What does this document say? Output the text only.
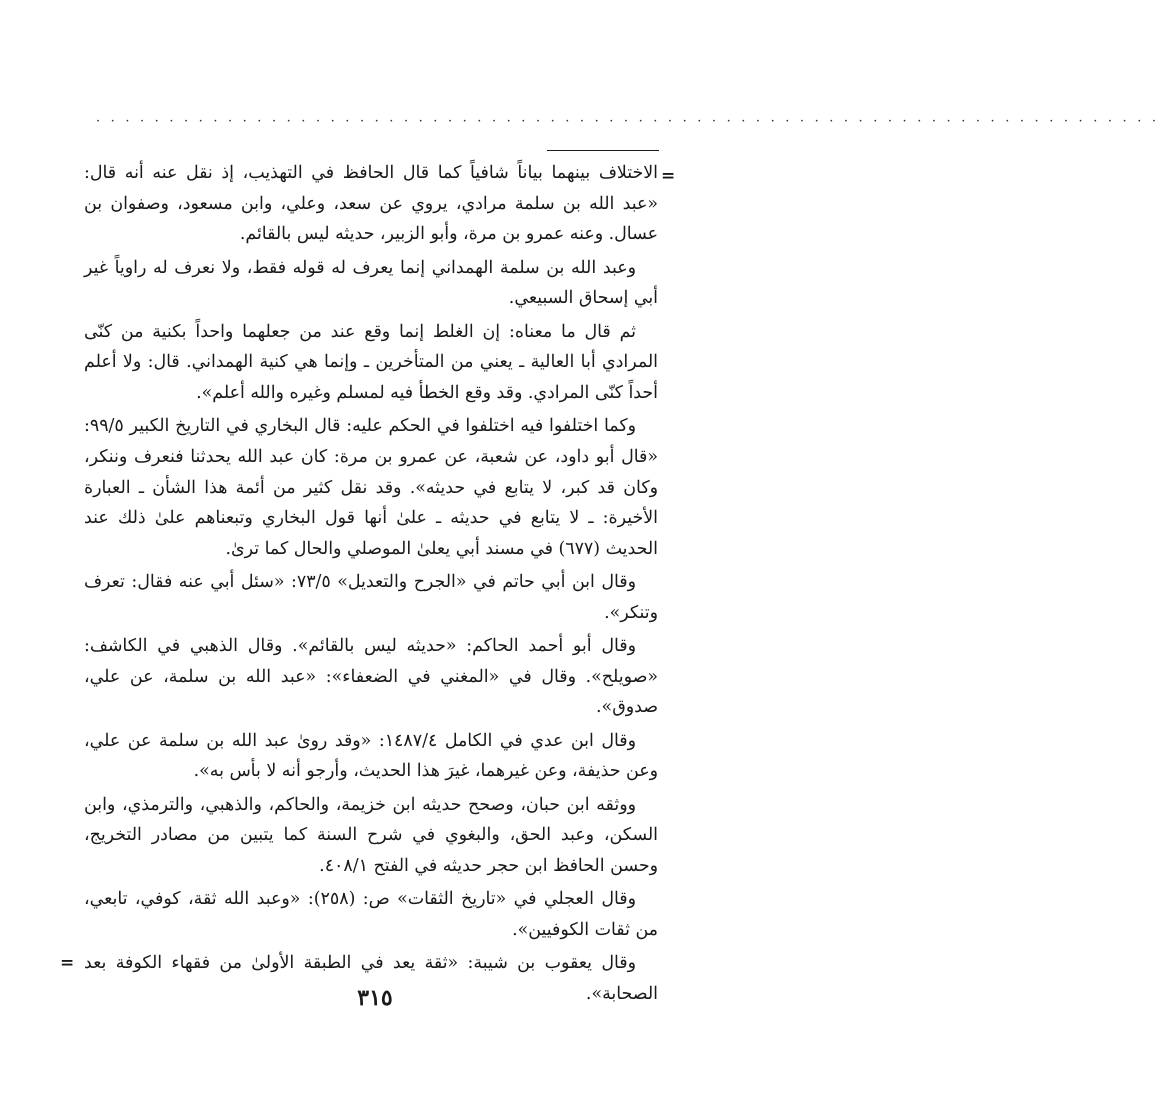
· · · · · · · · · · · · · · · · · · · · · · · · · · · · · · · · · · · · · · · · · · · · · · · · · · · · · · · · · · · · · · · · · · · · · · · · ·
=

الاختلاف بينهما بياناً شافياً كما قال الحافظ في التهذيب، إذ نقل عنه أنه قال: «عبد الله بن سلمة مرادي، يروي عن سعد، وعلي، وابن مسعود، وصفوان بن عسال. وعنه عمرو بن مرة، وأبو الزبير، حديثه ليس بالقائم.

وعبد الله بن سلمة الهمداني إنما يعرف له قوله فقط، ولا نعرف له راوياً غير أبي إسحاق السبيعي.

ثم قال ما معناه: إن الغلط إنما وقع عند من جعلهما واحداً بكنية من كنّى المرادي أبا العالية ـ يعني من المتأخرين ـ وإنما هي كنية الهمداني. قال: ولا أعلم أحداً كنّى المرادي. وقد وقع الخطأ فيه لمسلم وغيره والله أعلم».

وكما اختلفوا فيه اختلفوا في الحكم عليه: قال البخاري في التاريخ الكبير ٩٩/٥: «قال أبو داود، عن شعبة، عن عمرو بن مرة: كان عبد الله يحدثنا فنعرف وننكر، وكان قد كبر، لا يتابع في حديثه». وقد نقل كثير من أئمة هذا الشأن ـ العبارة الأخيرة: ـ لا يتابع في حديثه ـ علىٰ أنها قول البخاري وتبعناهم علىٰ ذلك عند الحديث (٦٧٧) في مسند أبي يعلىٰ الموصلي والحال كما ترىٰ.

وقال ابن أبي حاتم في «الجرح والتعديل» ٧٣/٥: «سئل أبي عنه فقال: تعرف وتنكر».

وقال أبو أحمد الحاكم: «حديثه ليس بالقائم». وقال الذهبي في الكاشف: «صويلح». وقال في «المغني في الضعفاء»: «عبد الله بن سلمة، عن علي، صدوق».

وقال ابن عدي في الكامل ١٤٨٧/٤: «وقد روىٰ عبد الله بن سلمة عن علي، وعن حذيفة، وعن غيرهما، غيرَ هذا الحديث، وأرجو أنه لا بأس به».

ووثقه ابن حبان، وصحح حديثه ابن خزيمة، والحاكم، والذهبي، والترمذي، وابن السكن، وعبد الحق، والبغوي في شرح السنة كما يتبين من مصادر التخريج، وحسن الحافظ ابن حجر حديثه في الفتح ٤٠٨/١.

وقال العجلي في «تاريخ الثقات» ص: (٢٥٨): «وعبد الله ثقة، كوفي، تابعي، من ثقات الكوفيين».

وقال يعقوب بن شيبة: «ثقة يعد في الطبقة الأولىٰ من فقهاء الكوفة بعد الصحابة».

=
٣١٥
